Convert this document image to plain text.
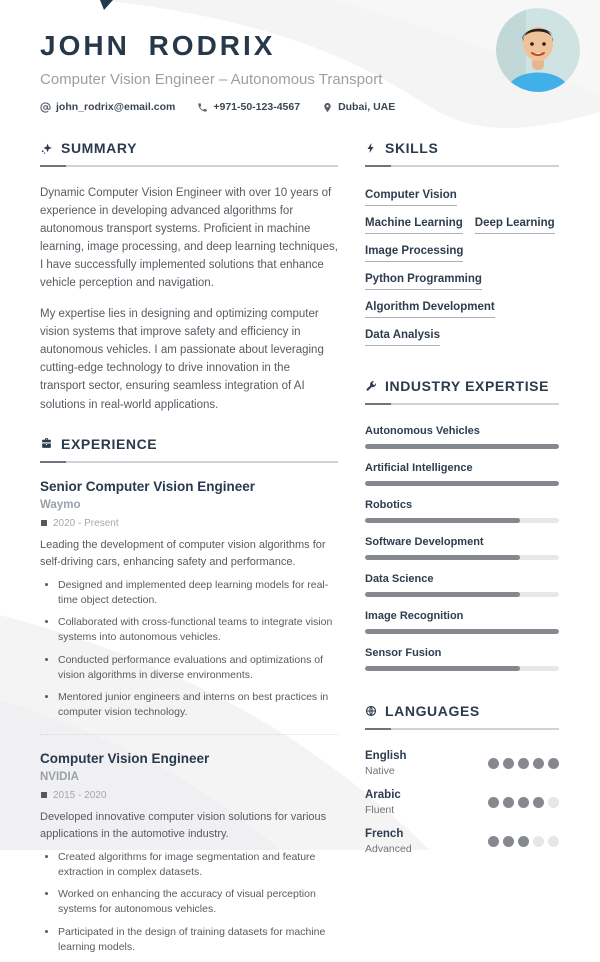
JOHN RODRIX
Computer Vision Engineer – Autonomous Transport
john_rodrix@email.com	+971-50-123-4567	Dubai, UAE
SUMMARY

Dynamic Computer Vision Engineer with over 10 years of experience in developing advanced algorithms for autonomous transport systems. Proficient in machine learning, image processing, and deep learning techniques, I have successfully implemented solutions that enhance vehicle perception and navigation.

My expertise lies in designing and optimizing computer vision systems that improve safety and efficiency in autonomous vehicles. I am passionate about leveraging cutting-edge technology to drive innovation in the transport sector, ensuring seamless integration of AI solutions in real-world applications.

EXPERIENCE
Senior Computer Vision Engineer
Waymo
2020 - Present
Leading the development of computer vision algorithms for self-driving cars, enhancing safety and performance.
• Designed and implemented deep learning models for real-time object detection.
• Collaborated with cross-functional teams to integrate vision systems into autonomous vehicles.
• Conducted performance evaluations and optimizations of vision algorithms in diverse environments.
• Mentored junior engineers and interns on best practices in computer vision technology.
Computer Vision Engineer
NVIDIA
2015 - 2020
Developed innovative computer vision solutions for various applications in the automotive industry.
• Created algorithms for image segmentation and feature extraction in complex datasets.
• Worked on enhancing the accuracy of visual perception systems for autonomous vehicles.
• Participated in the design of training datasets for machine learning models.
SKILLS
Computer Vision
Machine Learning Deep Learning
Image Processing
Python Programming
Algorithm Development
Data Analysis
INDUSTRY EXPERTISE
Autonomous Vehicles
Artificial Intelligence
Robotics
Software Development
Data Science
Image Recognition
Sensor Fusion
LANGUAGES
English
Native
Arabic
Fluent
French
Advanced
